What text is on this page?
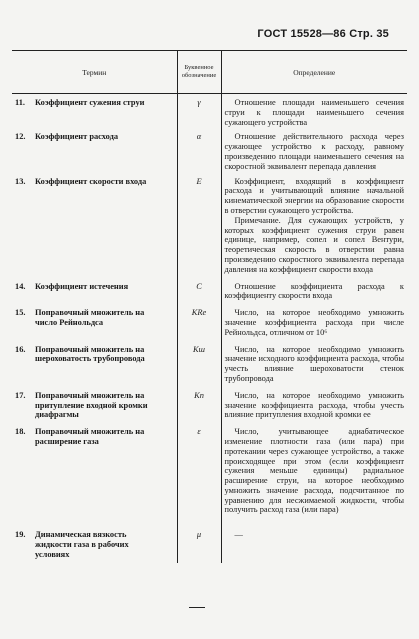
ГОСТ 15528—86 Стр. 35
Термин	Буквенное обозначение	Определение
11. Коэффициент сужения струи	γ	Отношение площади наименьшего сечения струи к площади наименьшего сечения сужающего устройства
12. Коэффициент расхода	α	Отношение действительного расхода через сужающее устройство к расходу, равному произведению площади наименьшего сечения на скоростной эквивалент перепада давления
13. Коэффициент скорости входа	E	Коэффициент, входящий в коэффициент расхода и учитывающий влияние начальной кинематической энергии на образование скорости в отверстии сужающего устройства.
Примечание. Для сужающих устройств, у которых коэффициент сужения струи равен единице, например, сопел и сопел Вентури, теоретическая скорость в отверстии равна произведению скоростного эквивалента перепада давления на коэффициент скорости входа

14. Коэффициент истечения	C	Отношение коэффициента расхода к коэффициенту скорости входа
15. Поправочный множитель на число Рейнольдса	KRe	Число, на которое необходимо умножить значение коэффициента расхода при числе Рейнольдса, отличном от 10⁶
16. Поправочный множитель на шероховатость трубопровода	Kш	Число, на которое необходимо умножить значение исходного коэффициента расхода, чтобы учесть влияние шероховатости стенок трубопровода
17. Поправочный множитель на притупление входной кромки диафрагмы	Kп	Число, на которое необходимо умножить значение коэффициента расхода, чтобы учесть влияние притупления входной кромки ее
18. Поправочный множитель на расширение газа	ε	Число, учитывающее адиабатическое изменение плотности газа (или пара) при протекании через сужающее устройство, а также происходящее при этом (если коэффициент сужения меньше единицы) радиальное расширение струи, на которое необходимо умножить значение расхода, подсчитанное по уравнению для несжимаемой жидкости, чтобы получить расход газа (или пара)
19. Динамическая вязкость жидкости газа в рабочих условиях	μ	—
